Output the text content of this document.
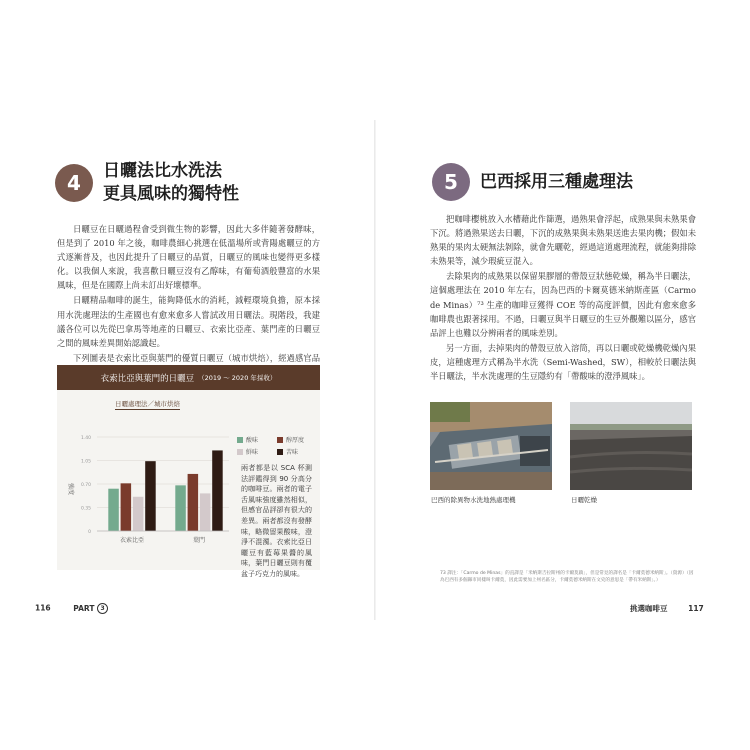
4	日曬法比水洗法
更具風味的獨特性

日曬豆在日曬過程會受到微生物的影響，因此大多伴隨著發酵味，但是到了 2010 年之後，咖啡農細心挑選在低溫場所或背陽處曬豆的方式逐漸普及，也因此提升了日曬豆的品質，日曬豆的風味也變得更多樣化。以我個人來說，我喜歡日曬豆沒有乙醇味，有葡萄酒般豐富的水果風味，但是在國際上尚未訂出好壞標準。

日曬精品咖啡的誕生，能夠降低水的消耗，減輕環境負擔，原本採用水洗處理法的生產國也有愈來愈多人嘗試改用日曬法。現階段，我建議各位可以先從巴拿馬等地產的日曬豆、衣索比亞產、葉門產的日曬豆之間的風味差異開始認識起。

下列圖表是衣索比亞與葉門的優質日曬豆（城市烘焙），經過感官品

衣索比亞與葉門的日曬豆 （2019 ～ 2020 年採收）
日曬處理法／城市烘焙
1.40
1.05
0.70
0.35
0
強度
衣索比亞	葉門
酸味	醇厚度
鮮味	苦味
兩者都是以 SCA 杯測法評鑑得到 90 分高分的咖啡豆。兩者的電子舌風味強度雖然相似，但感官品評卻有很大的差異。兩者都沒有發酵味，略微留果酸味，澄淨不混濁。衣索比亞日曬豆有藍莓果醬的風味，葉門日曬豆則有覆盆子巧克力的風味。
116	PART 3
5	巴西採用三種處理法

把咖啡櫻桃放入水槽藉此作篩選，過熟果會浮起，成熟果與未熟果會下沉。將過熟果送去日曬，下沉的成熟果與未熟果送進去果肉機；假如未熟果的果肉太硬無法剝除，就會先曬乾，經過這道處理流程，就能夠排除未熟果等，減少瑕疵豆混入。

去除果肉的成熟果以保留果膠層的帶殼豆狀態乾燥，稱為半日曬法，這個處理法在 2010 年左右，因為巴西的卡爾莫德米納斯產區（Carmo de Minas）⁷³ 生產的咖啡豆獲得 COE 等的高度評價，因此有愈來愈多咖啡農也跟著採用。不過，日曬豆與半日曬豆的生豆外觀難以區分，感官品評上也難以分辨兩者的風味差別。

另一方面，去掉果肉的帶殼豆放入溶筒，再以日曬或乾燥機乾燥內果皮，這種處理方式稱為半水洗（Semi-Washed，SW），相較於日曬法與半日曬法，半水洗處理的生豆隱約有「帶酸味的澄淨風味」。

巴西的除異物水洗地熱處理機	日曬乾燥
73 譯注：「Carmo de Minas」的直譯是「米納斯吉拉斯州的卡爾莫鎮」，但是常見的譯名是「卡爾莫德米納斯」。（資源）（因為巴西有多個縣市同樣叫卡爾莫，因此需要加上州名區分，卡爾莫德米納斯在文史的意思是「帶有米納斯」。）
挑選咖啡豆	117
